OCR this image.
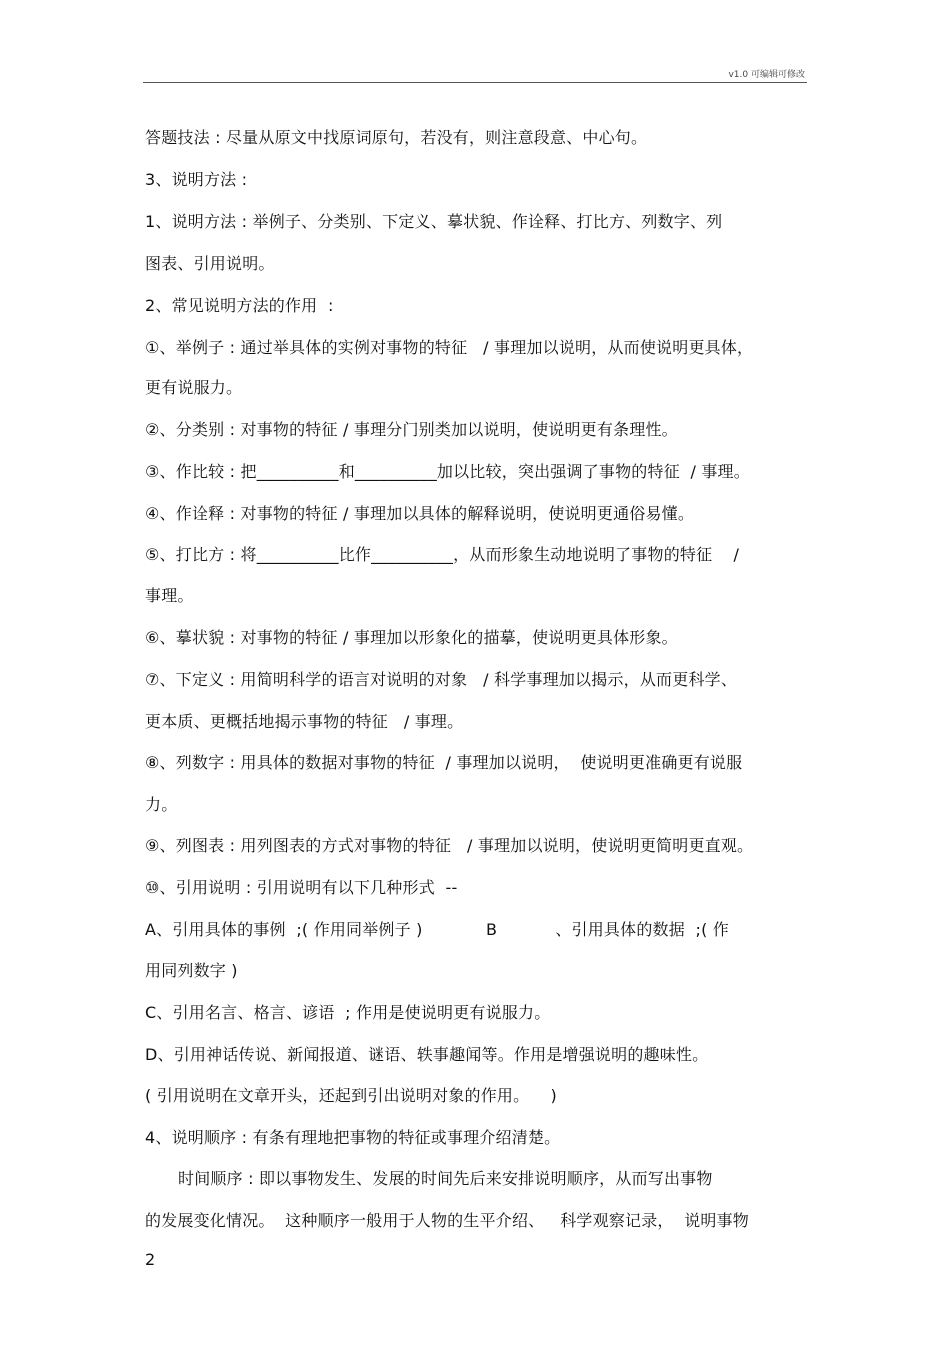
v1.0 可编辑可修改
答题技法 : 尽量从原文中找原词原句，若没有，则注意段意、中心句。
3、说明方法 :
1、说明方法 : 举例子、分类别、下定义、摹状貌、作诠释、打比方、列数字、列
图表、引用说明。
2、常见说明方法的作用  :
①、举例子 : 通过举具体的实例对事物的特征   / 事理加以说明，从而使说明更具体，
更有说服力。
②、分类别 : 对事物的特征 / 事理分门别类加以说明，使说明更有条理性。
③、作比较 : 把__________和__________加以比较，突出强调了事物的特征  / 事理。
④、作诠释 : 对事物的特征 / 事理加以具体的解释说明，使说明更通俗易懂。
⑤、打比方 : 将__________比作__________，从而形象生动地说明了事物的特征    /
事理。
⑥、摹状貌 : 对事物的特征 / 事理加以形象化的描摹，使说明更具体形象。
⑦、下定义 : 用简明科学的语言对说明的对象   / 科学事理加以揭示，从而更科学、
更本质、更概括地揭示事物的特征   / 事理。
⑧、列数字 : 用具体的数据对事物的特征  / 事理加以说明，  使说明更准确更有说服
力。
⑨、列图表 : 用列图表的方式对事物的特征   / 事理加以说明，使说明更简明更直观。
⑩、引用说明 : 引用说明有以下几种形式  --
A、引用具体的事例  ;( 作用同举例子 )            B           、引用具体的数据  ;( 作
用同列数字 )
C、引用名言、格言、谚语  ; 作用是使说明更有说服力。
D、引用神话传说、新闻报道、谜语、轶事趣闻等。作用是增强说明的趣味性。
( 引用说明在文章开头，还起到引出说明对象的作用。    )
4、说明顺序 : 有条有理地把事物的特征或事理介绍清楚。
时间顺序 : 即以事物发生、发展的时间先后来安排说明顺序，从而写出事物
的发展变化情况。  这种顺序一般用于人物的生平介绍、   科学观察记录，  说明事物
2
